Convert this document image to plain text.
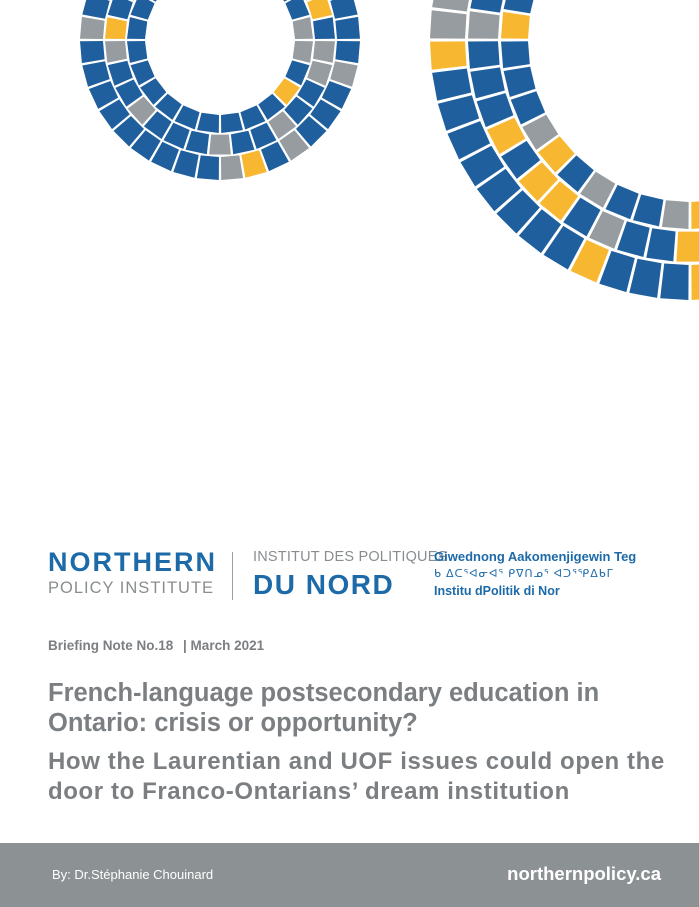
NORTHERN
POLICY INSTITUTE
INSTITUT DES POLITIQUES
DU NORD
Giwednong Aakomenjigewin Teg
ᑲ ᐃᑕᕐᐊᓂᐊᕐ ᑭᐁᑎᓄᕐ ᐊᑐᕐᕿᐃᑲᒥ
Institu dPolitik di Nor
Briefing Note No.18 | March 2021
French-language postsecondary education in Ontario: crisis or opportunity?
How the Laurentian and UOF issues could open the door to Franco-Ontarians’ dream institution
By: Dr.Stéphanie Chouinard	northernpolicy.ca
